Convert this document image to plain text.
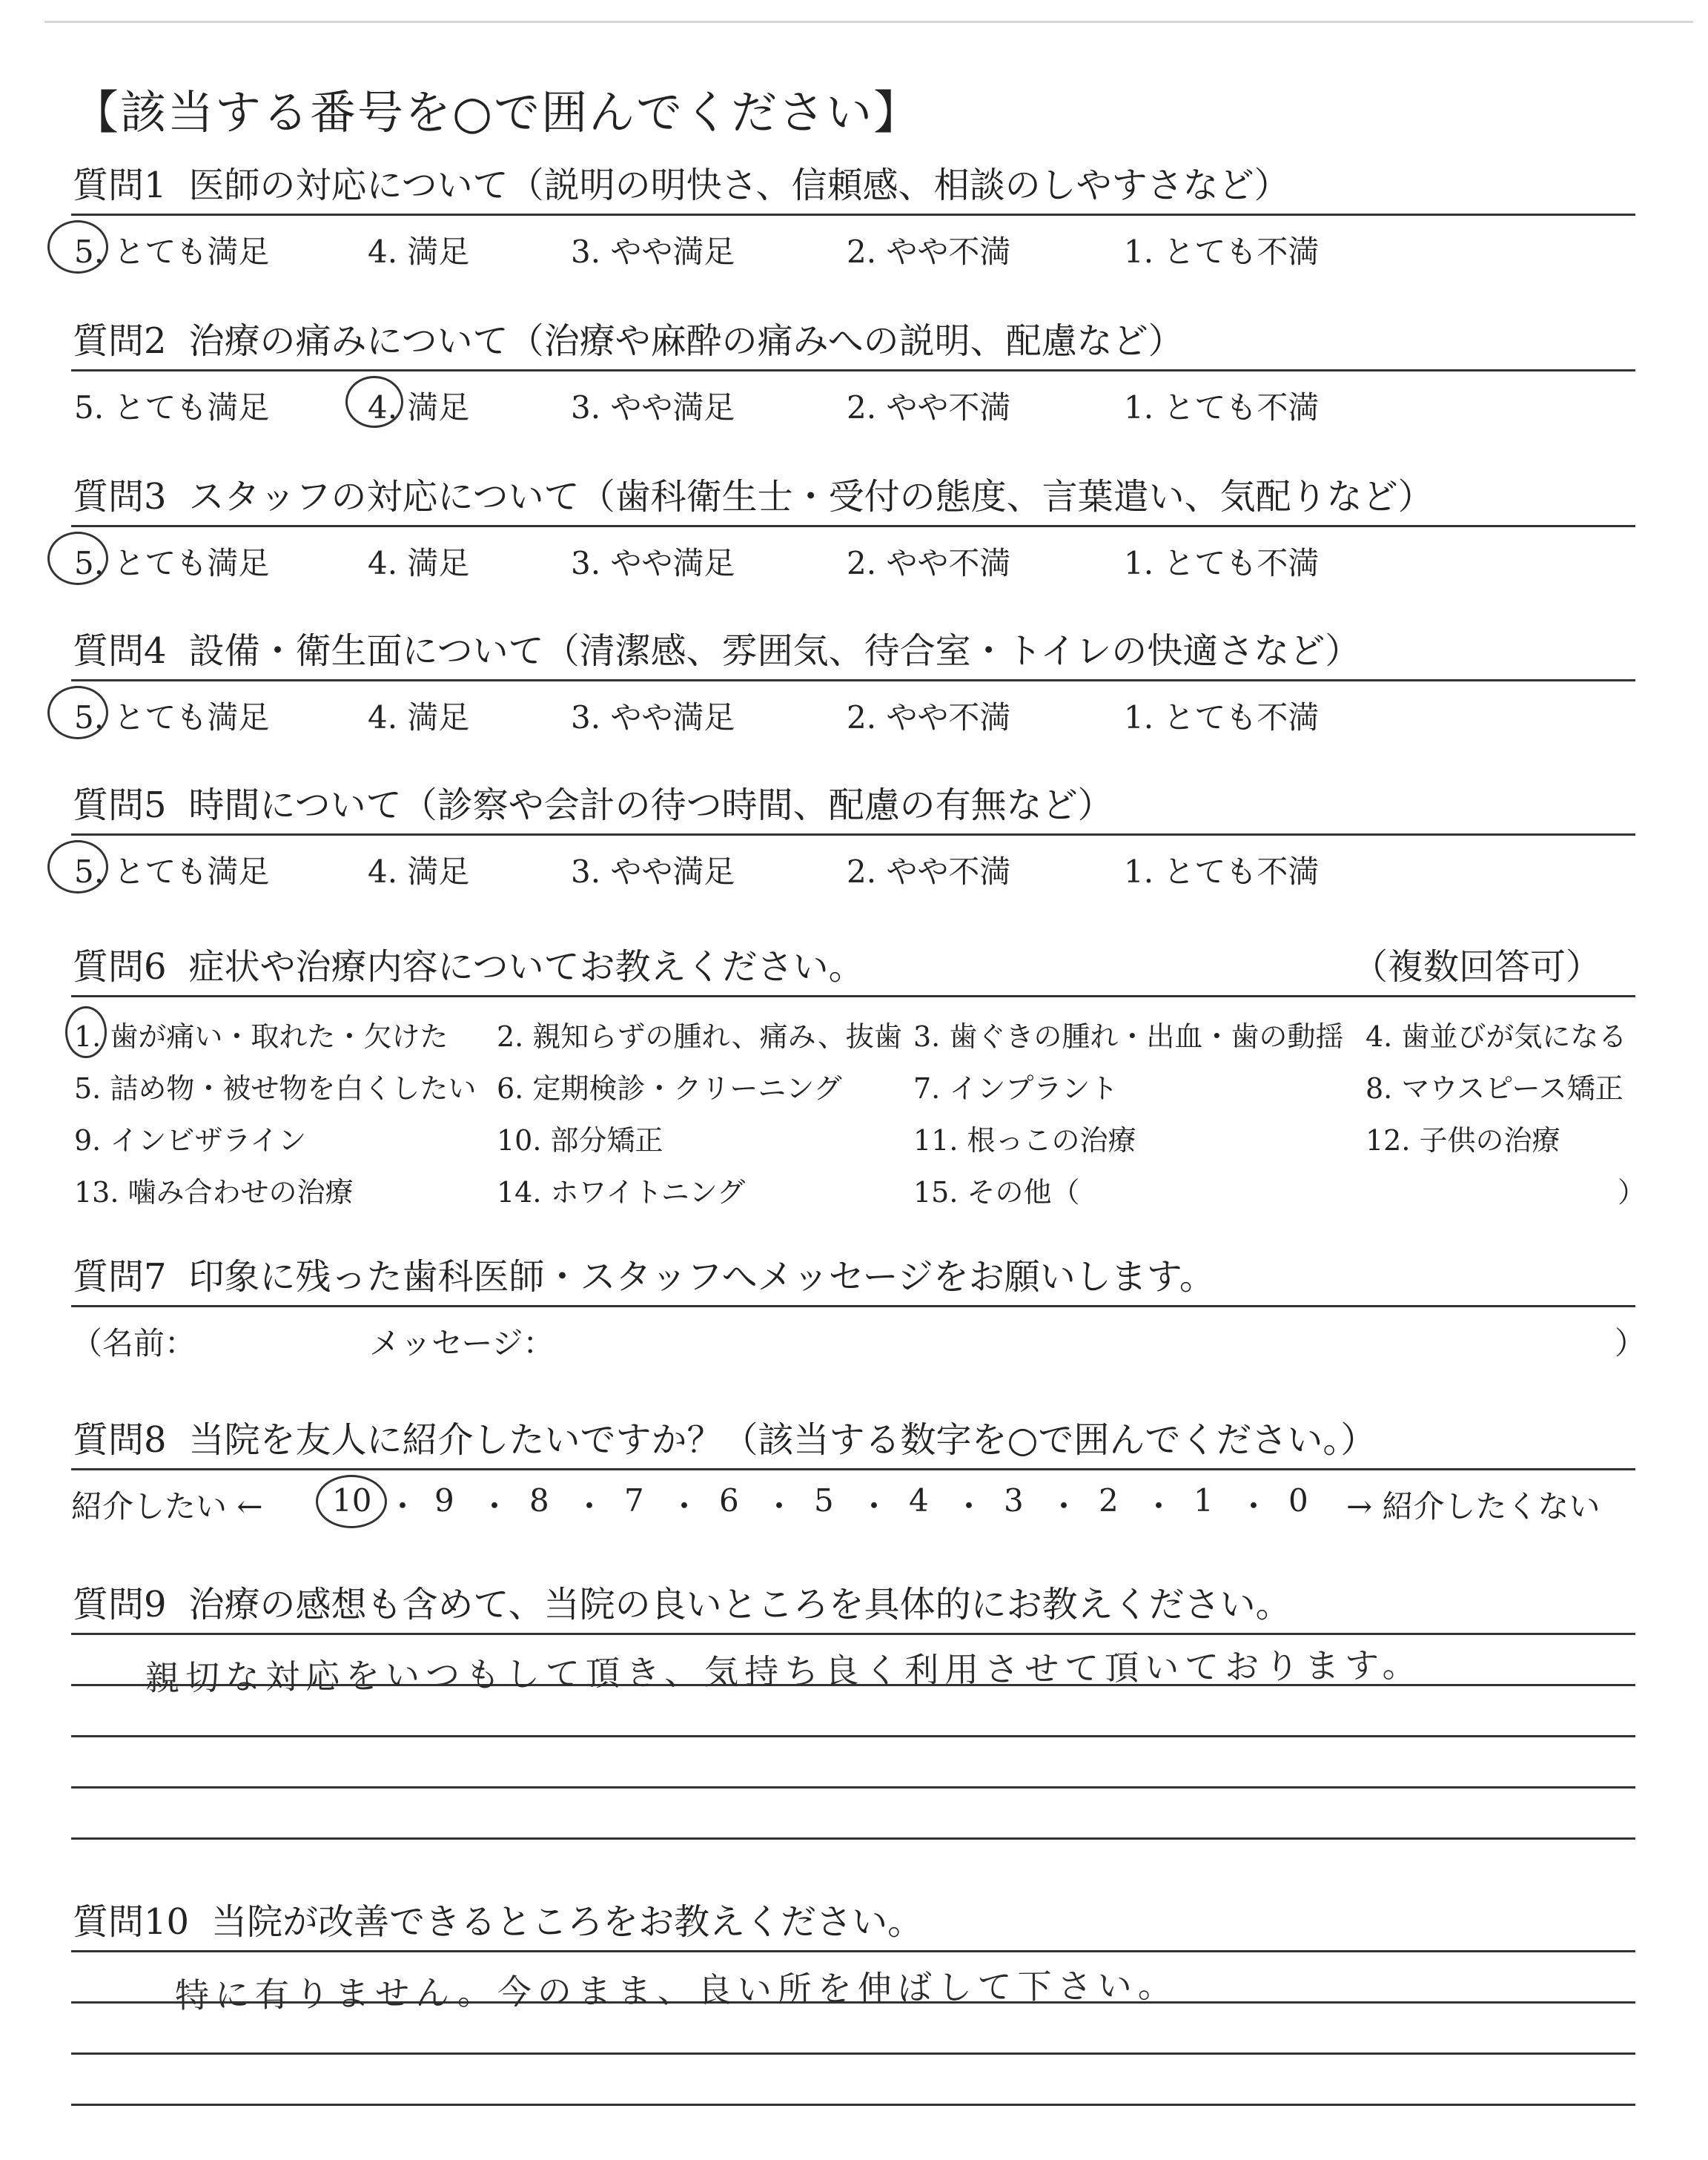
【該当する番号を○で囲んでください】
質問1 医師の対応について（説明の明快さ、信頼感、相談のしやすさなど）
5. とても満足	4. 満足	3. やや満足	2. やや不満	1. とても不満
質問2 治療の痛みについて（治療や麻酔の痛みへの説明、配慮など）
5. とても満足	4. 満足	3. やや満足	2. やや不満	1. とても不満
質問3 スタッフの対応について（歯科衛生士・受付の態度、言葉遣い、気配りなど）
5. とても満足	4. 満足	3. やや満足	2. やや不満	1. とても不満
質問4 設備・衛生面について（清潔感、雰囲気、待合室・トイレの快適さなど）
5. とても満足	4. 満足	3. やや満足	2. やや不満	1. とても不満
質問5 時間について（診察や会計の待つ時間、配慮の有無など）
5. とても満足	4. 満足	3. やや満足	2. やや不満	1. とても不満
質問6 症状や治療内容についてお教えください。	（複数回答可）
1. 歯が痛い・取れた・欠けた 2. 親知らずの腫れ、痛み、抜歯 3. 歯ぐきの腫れ・出血・歯の動揺 4. 歯並びが気になる
5. 詰め物・被せ物を白くしたい 6. 定期検診・クリーニング	7. インプラント	8. マウスピース矯正
9. インビザライン	10. 部分矯正	11. 根っこの治療	12. 子供の治療
13. 噛み合わせの治療	14. ホワイトニング	15. その他（	）
質問7 印象に残った歯科医師・スタッフへメッセージをお願いします。
（名前：	メッセージ：	）
質問8 当院を友人に紹介したいですか？（該当する数字を○で囲んでください。）
紹介したい ← 10 ・ 9 ・ 8 ・ 7 ・ 6 ・ 5 ・ 4 ・ 3 ・ 2 ・ 1 ・ 0 → 紹介したくない
質問9 治療の感想も含めて、当院の良いところを具体的にお教えください。
親切な対応をいつもして頂き、気持ち良く利用させて頂いております。
質問10 当院が改善できるところをお教えください。
特に有りません。今のまま、良い所を伸ばして下さい。
